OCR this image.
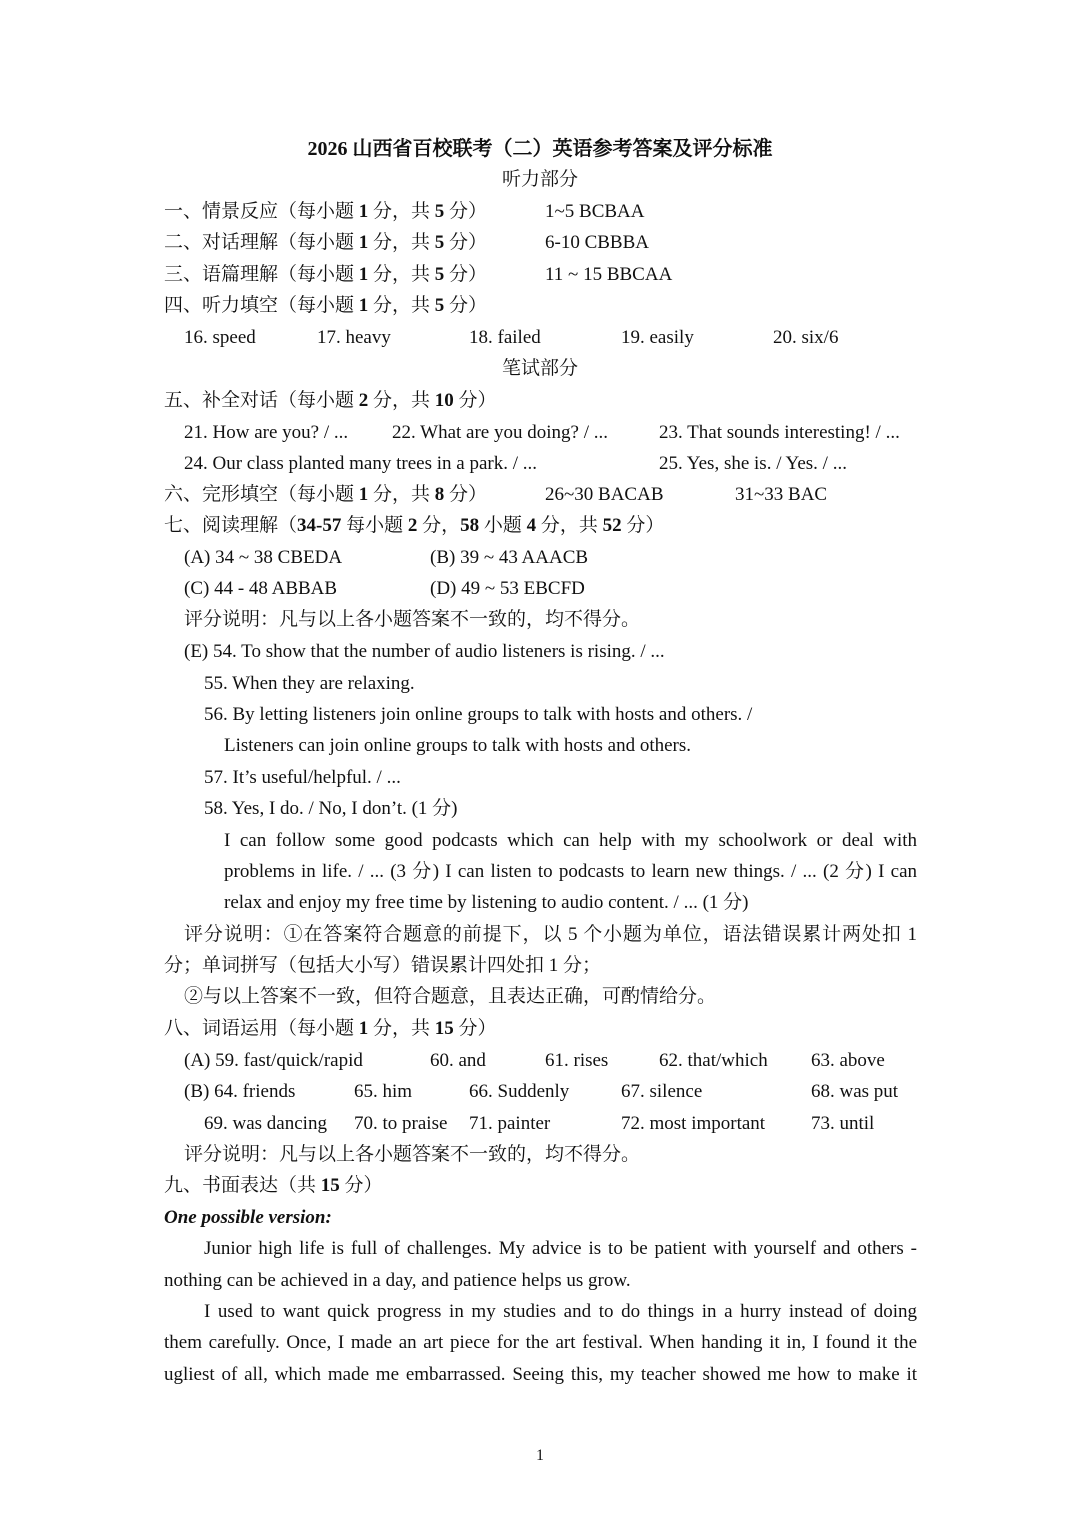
2026 山西省百校联考（二）英语参考答案及评分标准
听力部分
一、情景反应（每小题 1 分，共 5 分）	1~5 BCBAA
二、对话理解（每小题 1 分，共 5 分）	6-10 CBBBA
三、语篇理解（每小题 1 分，共 5 分）	11 ~ 15 BBCAA
四、听力填空（每小题 1 分，共 5 分）
16. speed	17. heavy	18. failed	19. easily	20. six/6
笔试部分
五、补全对话（每小题 2 分，共 10 分）
21. How are you? / ... 22. What are you doing? / ...	23. That sounds interesting! / ...
24. Our class planted many trees in a park. / ...	25. Yes, she is. / Yes. / ...
六、完形填空（每小题 1 分，共 8 分）	26~30 BACAB	31~33 BAC
七、阅读理解（34-57 每小题 2 分，58 小题 4 分，共 52 分）
(A) 34 ~ 38 CBEDA	(B) 39 ~ 43 AAACB
(C) 44 - 48 ABBAB	(D) 49 ~ 53 EBCFD
评分说明：凡与以上各小题答案不一致的，均不得分。
(E) 54. To show that the number of audio listeners is rising. / ...
55. When they are relaxing.
56. By letting listeners join online groups to talk with hosts and others. /
Listeners can join online groups to talk with hosts and others.
57. It’s useful/helpful. / ...
58. Yes, I do. / No, I don’t. (1 分)
I can follow some good podcasts which can help with my schoolwork or deal with
problems in life. / ... (3 分) I can listen to podcasts to learn new things. / ... (2 分) I can
relax and enjoy my free time by listening to audio content. / ... (1 分)
评分说明：①在答案符合题意的前提下，以 5 个小题为单位，语法错误累计两处扣 1
分；单词拼写（包括大小写）错误累计四处扣 1 分；
②与以上答案不一致，但符合题意，且表达正确，可酌情给分。
八、词语运用（每小题 1 分，共 15 分）
(A) 59. fast/quick/rapid	60. and	61. rises	62. that/which 63. above
(B) 64. friends	65. him	66. Suddenly	67. silence	68. was put
69. was dancing 70. to praise 71. painter	72. most important 73. until
评分说明：凡与以上各小题答案不一致的，均不得分。
九、书面表达（共 15 分）
One possible version:
Junior high life is full of challenges. My advice is to be patient with yourself and others -
nothing can be achieved in a day, and patience helps us grow.
I used to want quick progress in my studies and to do things in a hurry instead of doing
them carefully. Once, I made an art piece for the art festival. When handing it in, I found it the
ugliest of all, which made me embarrassed. Seeing this, my teacher showed me how to make it
1
